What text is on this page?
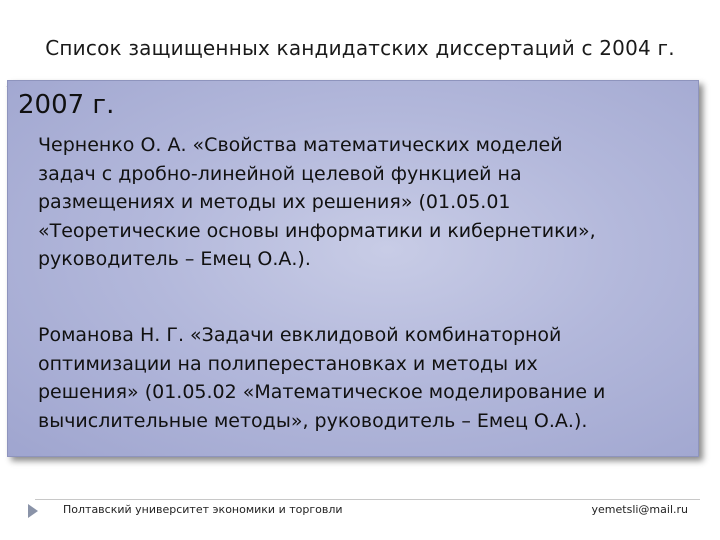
Список защищенных кандидатских диссертаций с 2004 г.
2007 г.
Черненко О. А. «Свойства математических моделей
задач с дробно-линейной целевой функцией на
размещениях и методы их решения» (01.05.01
«Теоретические основы информатики и кибернетики»,
руководитель – Емец О.А.).
Романова Н. Г. «Задачи евклидовой комбинаторной
оптимизации на полиперестановках и методы их
решения» (01.05.02 «Математическое моделирование и
вычислительные методы», руководитель – Емец О.А.).
Полтавский университет экономики и торговли	yemetsli@mail.ru
